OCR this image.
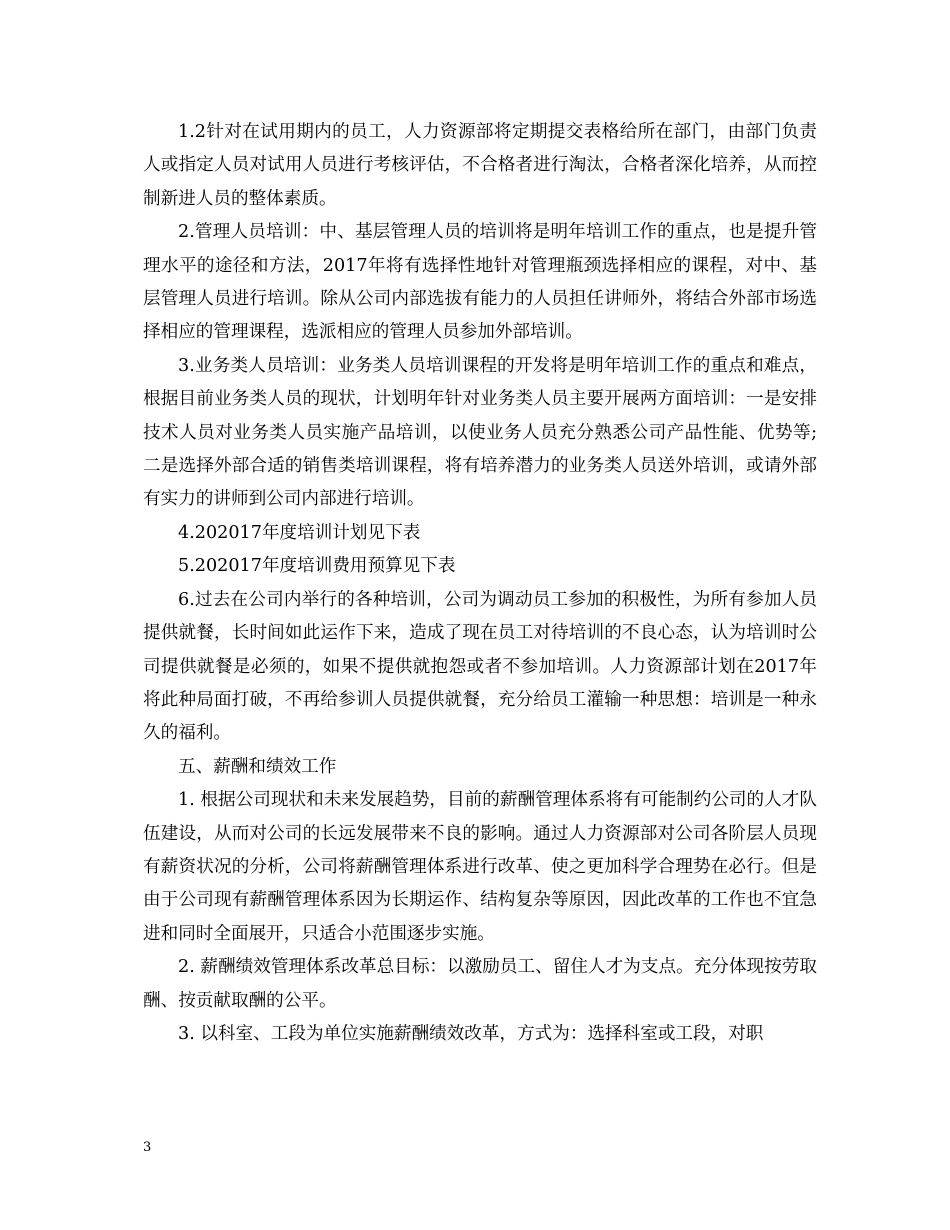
1.2针对在试用期内的员工，人力资源部将定期提交表格给所在部门，由部门负责人或指定人员对试用人员进行考核评估，不合格者进行淘汰，合格者深化培养，从而控制新进人员的整体素质。

2.管理人员培训：中、基层管理人员的培训将是明年培训工作的重点，也是提升管理水平的途径和方法，2017年将有选择性地针对管理瓶颈选择相应的课程，对中、基层管理人员进行培训。除从公司内部选拔有能力的人员担任讲师外，将结合外部市场选择相应的管理课程，选派相应的管理人员参加外部培训。

3.业务类人员培训：业务类人员培训课程的开发将是明年培训工作的重点和难点，根据目前业务类人员的现状，计划明年针对业务类人员主要开展两方面培训：一是安排技术人员对业务类人员实施产品培训，以使业务人员充分熟悉公司产品性能、优势等;二是选择外部合适的销售类培训课程，将有培养潜力的业务类人员送外培训，或请外部有实力的讲师到公司内部进行培训。

4.202017年度培训计划见下表

5.202017年度培训费用预算见下表

6.过去在公司内举行的各种培训，公司为调动员工参加的积极性，为所有参加人员提供就餐，长时间如此运作下来，造成了现在员工对待培训的不良心态，认为培训时公司提供就餐是必须的，如果不提供就抱怨或者不参加培训。人力资源部计划在2017年将此种局面打破，不再给参训人员提供就餐，充分给员工灌输一种思想：培训是一种永久的福利。

五、薪酬和绩效工作

1. 根据公司现状和未来发展趋势，目前的薪酬管理体系将有可能制约公司的人才队伍建设，从而对公司的长远发展带来不良的影响。通过人力资源部对公司各阶层人员现有薪资状况的分析，公司将薪酬管理体系进行改革、使之更加科学合理势在必行。但是由于公司现有薪酬管理体系因为长期运作、结构复杂等原因，因此改革的工作也不宜急进和同时全面展开，只适合小范围逐步实施。

2. 薪酬绩效管理体系改革总目标：以激励员工、留住人才为支点。充分体现按劳取酬、按贡献取酬的公平。

3. 以科室、工段为单位实施薪酬绩效改革，方式为：选择科室或工段，对职

3
